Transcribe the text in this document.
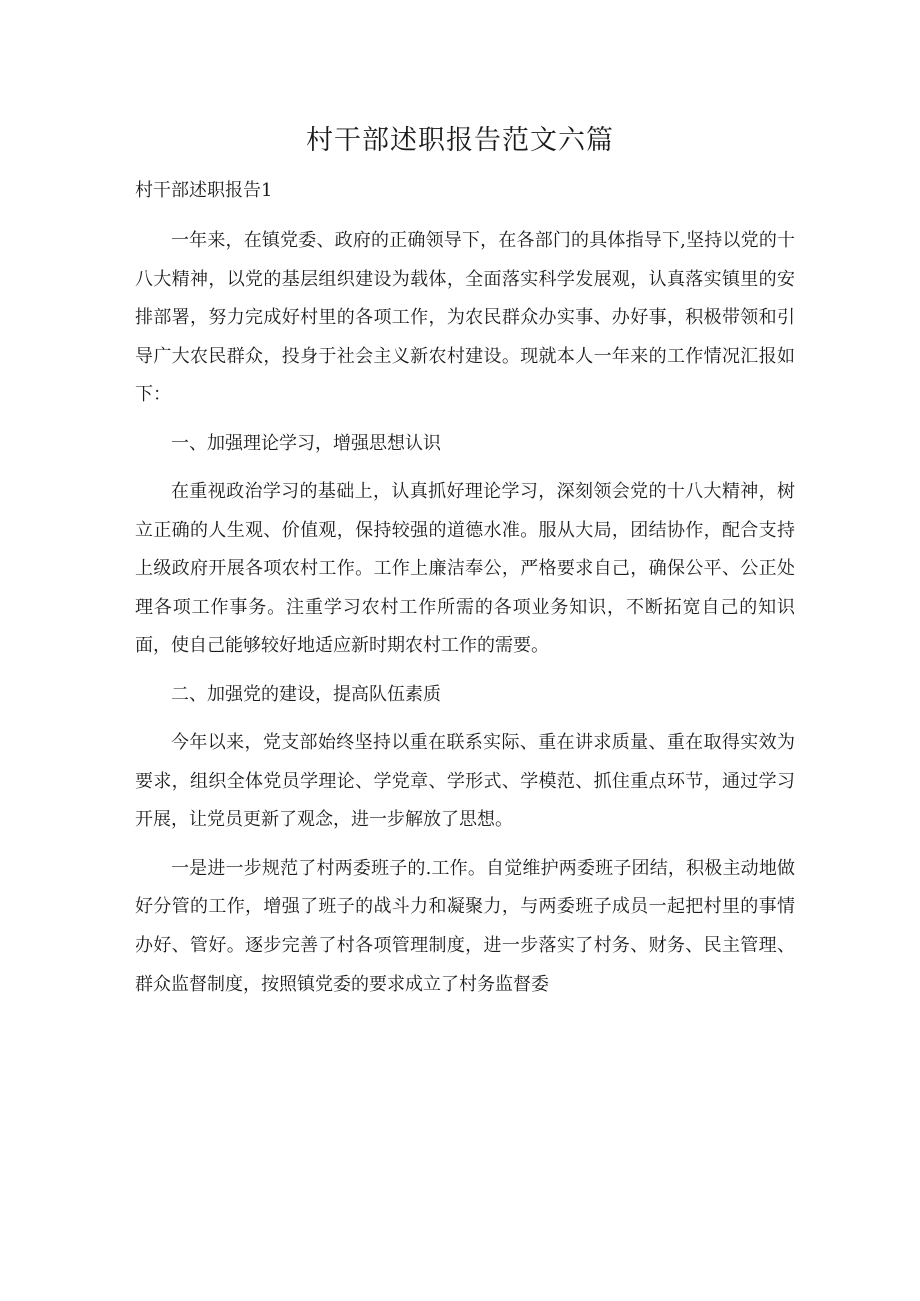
村干部述职报告范文六篇

村干部述职报告1

一年来，在镇党委、政府的正确领导下，在各部门的具体指导下,坚持以党的十八大精神，以党的基层组织建设为载体，全面落实科学发展观，认真落实镇里的安排部署，努力完成好村里的各项工作，为农民群众办实事、办好事，积极带领和引导广大农民群众，投身于社会主义新农村建设。现就本人一年来的工作情况汇报如下：

一、加强理论学习，增强思想认识

在重视政治学习的基础上，认真抓好理论学习，深刻领会党的十八大精神，树立正确的人生观、价值观，保持较强的道德水准。服从大局，团结协作，配合支持上级政府开展各项农村工作。工作上廉洁奉公，严格要求自己，确保公平、公正处理各项工作事务。注重学习农村工作所需的各项业务知识，不断拓宽自己的知识面，使自己能够较好地适应新时期农村工作的需要。

二、加强党的建设，提高队伍素质

今年以来，党支部始终坚持以重在联系实际、重在讲求质量、重在取得实效为要求，组织全体党员学理论、学党章、学形式、学模范、抓住重点环节，通过学习开展，让党员更新了观念，进一步解放了思想。

一是进一步规范了村两委班子的.工作。自觉维护两委班子团结，积极主动地做好分管的工作，增强了班子的战斗力和凝聚力，与两委班子成员一起把村里的事情办好、管好。逐步完善了村各项管理制度，进一步落实了村务、财务、民主管理、群众监督制度，按照镇党委的要求成立了村务监督委
